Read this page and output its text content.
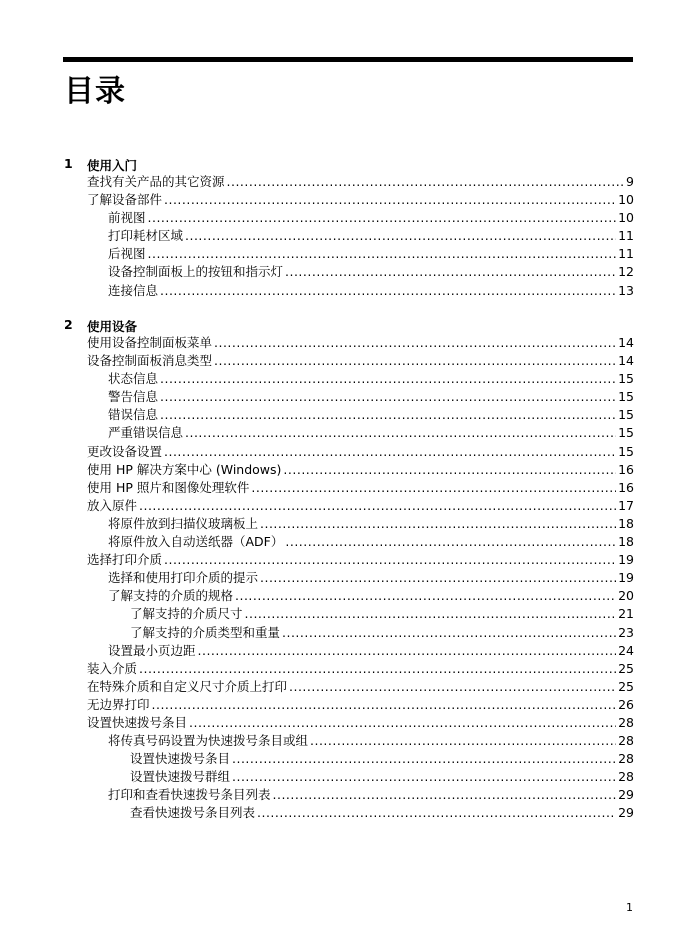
目录
1 使用入门
查找有关产品的其它资源 .....	9
了解设备部件 .....	10
前视图 .....	10
打印耗材区域 .....	11
后视图 .....	11
设备控制面板上的按钮和指示灯 .....	12
连接信息 .....	13
2 使用设备
使用设备控制面板菜单 .....	14
设备控制面板消息类型 .....	14
状态信息 .....	15
警告信息 .....	15
错误信息 .....	15
严重错误信息 .....	15
更改设备设置 .....	15
使用 HP 解决方案中心 (Windows) .....	16
使用 HP 照片和图像处理软件 .....	16
放入原件 .....	17
将原件放到扫描仪玻璃板上 .....	18
将原件放入自动送纸器（ADF） .....	18
选择打印介质 .....	19
选择和使用打印介质的提示 .....	19
了解支持的介质的规格 .....	20
了解支持的介质尺寸 .....	21
了解支持的介质类型和重量 .....	23
设置最小页边距 .....	24
装入介质 .....	25
在特殊介质和自定义尺寸介质上打印 .....	25
无边界打印 .....	26
设置快速拨号条目 .....	28
将传真号码设置为快速拨号条目或组 .....	28
设置快速拨号条目 .....	28
设置快速拨号群组 .....	28
打印和查看快速拨号条目列表 .....	29
查看快速拨号条目列表 .....	29
1
